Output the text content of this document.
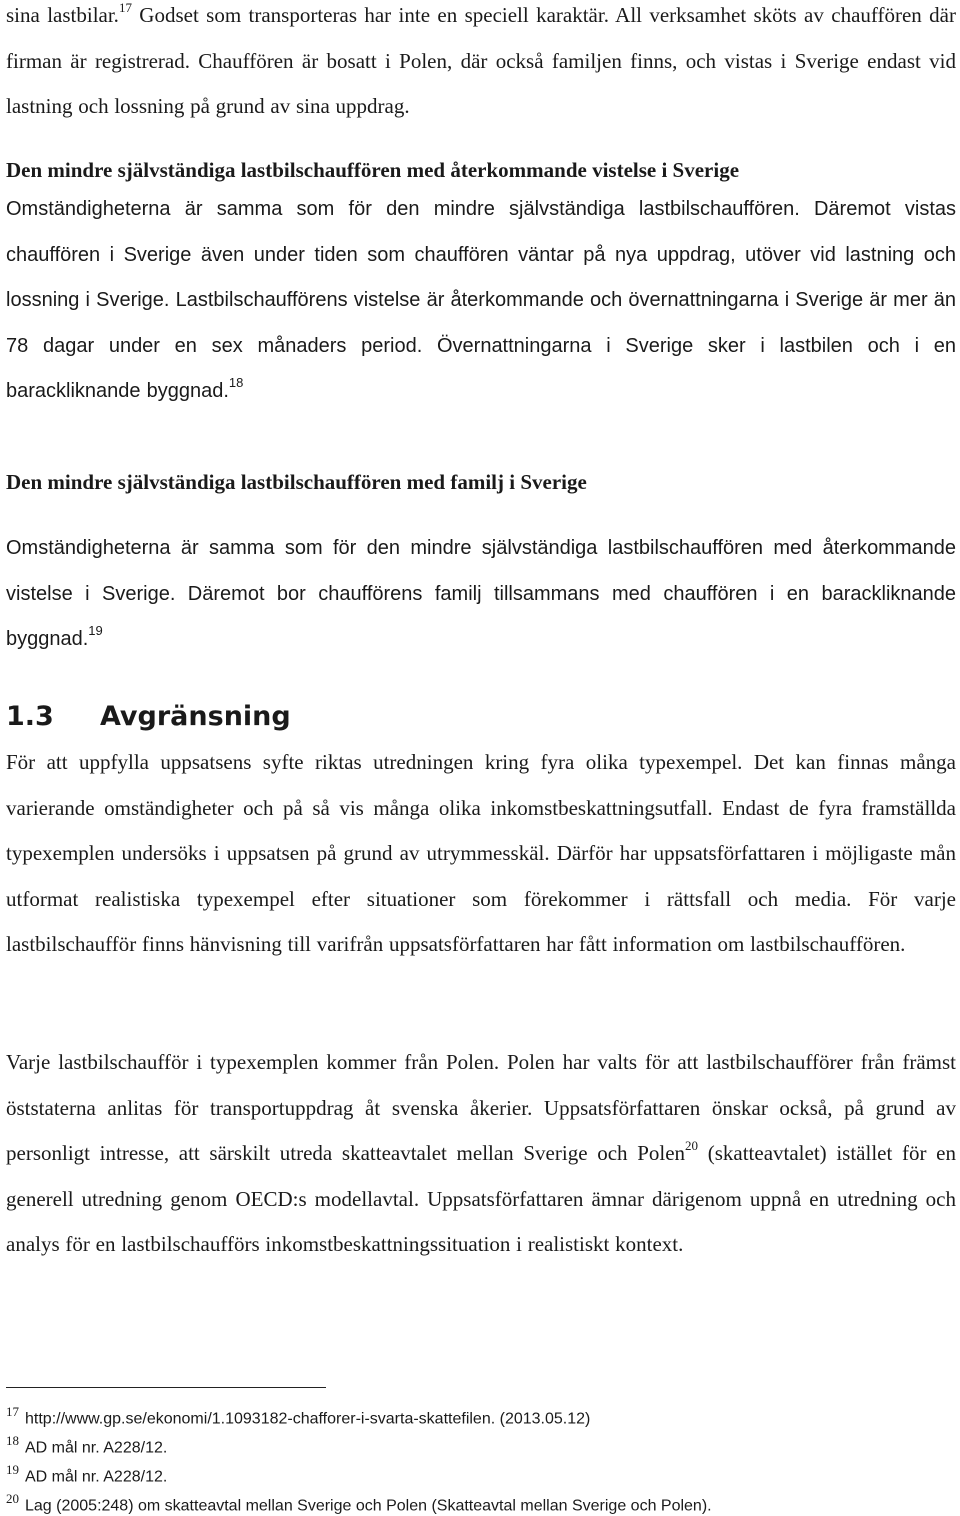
sina lastbilar.$^{17}$ Godset som transporteras har inte en speciell karaktär. All verksamhet sköts av chauffören där firman är registrerad. Chauffören är bosatt i Polen, där också familjen finns, och vistas i Sverige endast vid lastning och lossning på grund av sina uppdrag.

Den mindre självständiga lastbilschauffören med återkommande vistelse i Sverige

Omständigheterna är samma som för den mindre självständiga lastbilschauffören. Däremot vistas chauffören i Sverige även under tiden som chauffören väntar på nya uppdrag, utöver vid lastning och lossning i Sverige. Lastbilschaufförens vistelse är återkommande och övernattningarna i Sverige är mer än 78 dagar under en sex månaders period. Övernattningarna i Sverige sker i lastbilen och i en barackliknande byggnad.$^{18}$

Den mindre självständiga lastbilschauffören med familj i Sverige

Omständigheterna är samma som för den mindre självständiga lastbilschauffören med återkommande vistelse i Sverige. Däremot bor chaufförens familj tillsammans med chauffören i en barackliknande byggnad.$^{19}$

1.3	Avgränsning

För att uppfylla uppsatsens syfte riktas utredningen kring fyra olika typexempel. Det kan finnas många varierande omständigheter och på så vis många olika inkomstbeskattningsutfall. Endast de fyra framställda typexemplen undersöks i uppsatsen på grund av utrymmesskäl. Därför har uppsatsförfattaren i möjligaste mån utformat realistiska typexempel efter situationer som förekommer i rättsfall och media. För varje lastbilschaufför finns hänvisning till varifrån uppsatsförfattaren har fått information om lastbilschauffören.

Varje lastbilschaufför i typexemplen kommer från Polen. Polen har valts för att lastbilschaufförer från främst öststaterna anlitas för transportuppdrag åt svenska åkerier. Uppsatsförfattaren önskar också, på grund av personligt intresse, att särskilt utreda skatteavtalet mellan Sverige och Polen$^{20}$ (skatteavtalet) istället för en generell utredning genom OECD:s modellavtal. Uppsatsförfattaren ämnar därigenom uppnå en utredning och analys för en lastbilschaufförs inkomstbeskattningssituation i realistiskt kontext.

$^{17}$ http://www.gp.se/ekonomi/1.1093182-chafforer-i-svarta-skattefilen. (2013.05.12)

$^{18}$ AD mål nr. A228/12.

$^{19}$ AD mål nr. A228/12.

$^{20}$ Lag (2005:248) om skatteavtal mellan Sverige och Polen (Skatteavtal mellan Sverige och Polen).
